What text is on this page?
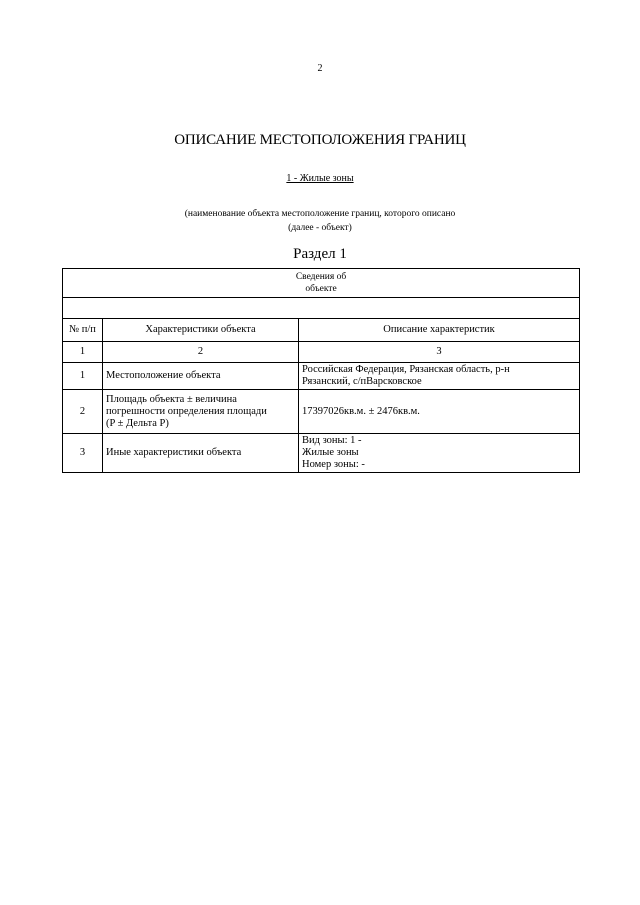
2
ОПИСАНИЕ МЕСТОПОЛОЖЕНИЯ ГРАНИЦ
1 - Жилые зоны
(наименование объекта местоположение границ, которого описано
(далее - объект)
Раздел 1
Сведения об
объекте		

№ п/п	Характеристики объекта	Описание характеристик
1	2	3
1	Местоположение объекта	Российская Федерация, Рязанская область, р-н
Рязанский, с/пВарсковское

2	Площадь объекта ± величина
погрешности определения площади
(P ± Дельта P)	17397026кв.м. ± 2476кв.м.

3	Иные характеристики объекта	Вид зоны: 1 -
Жилые зоны
Номер зоны: -
